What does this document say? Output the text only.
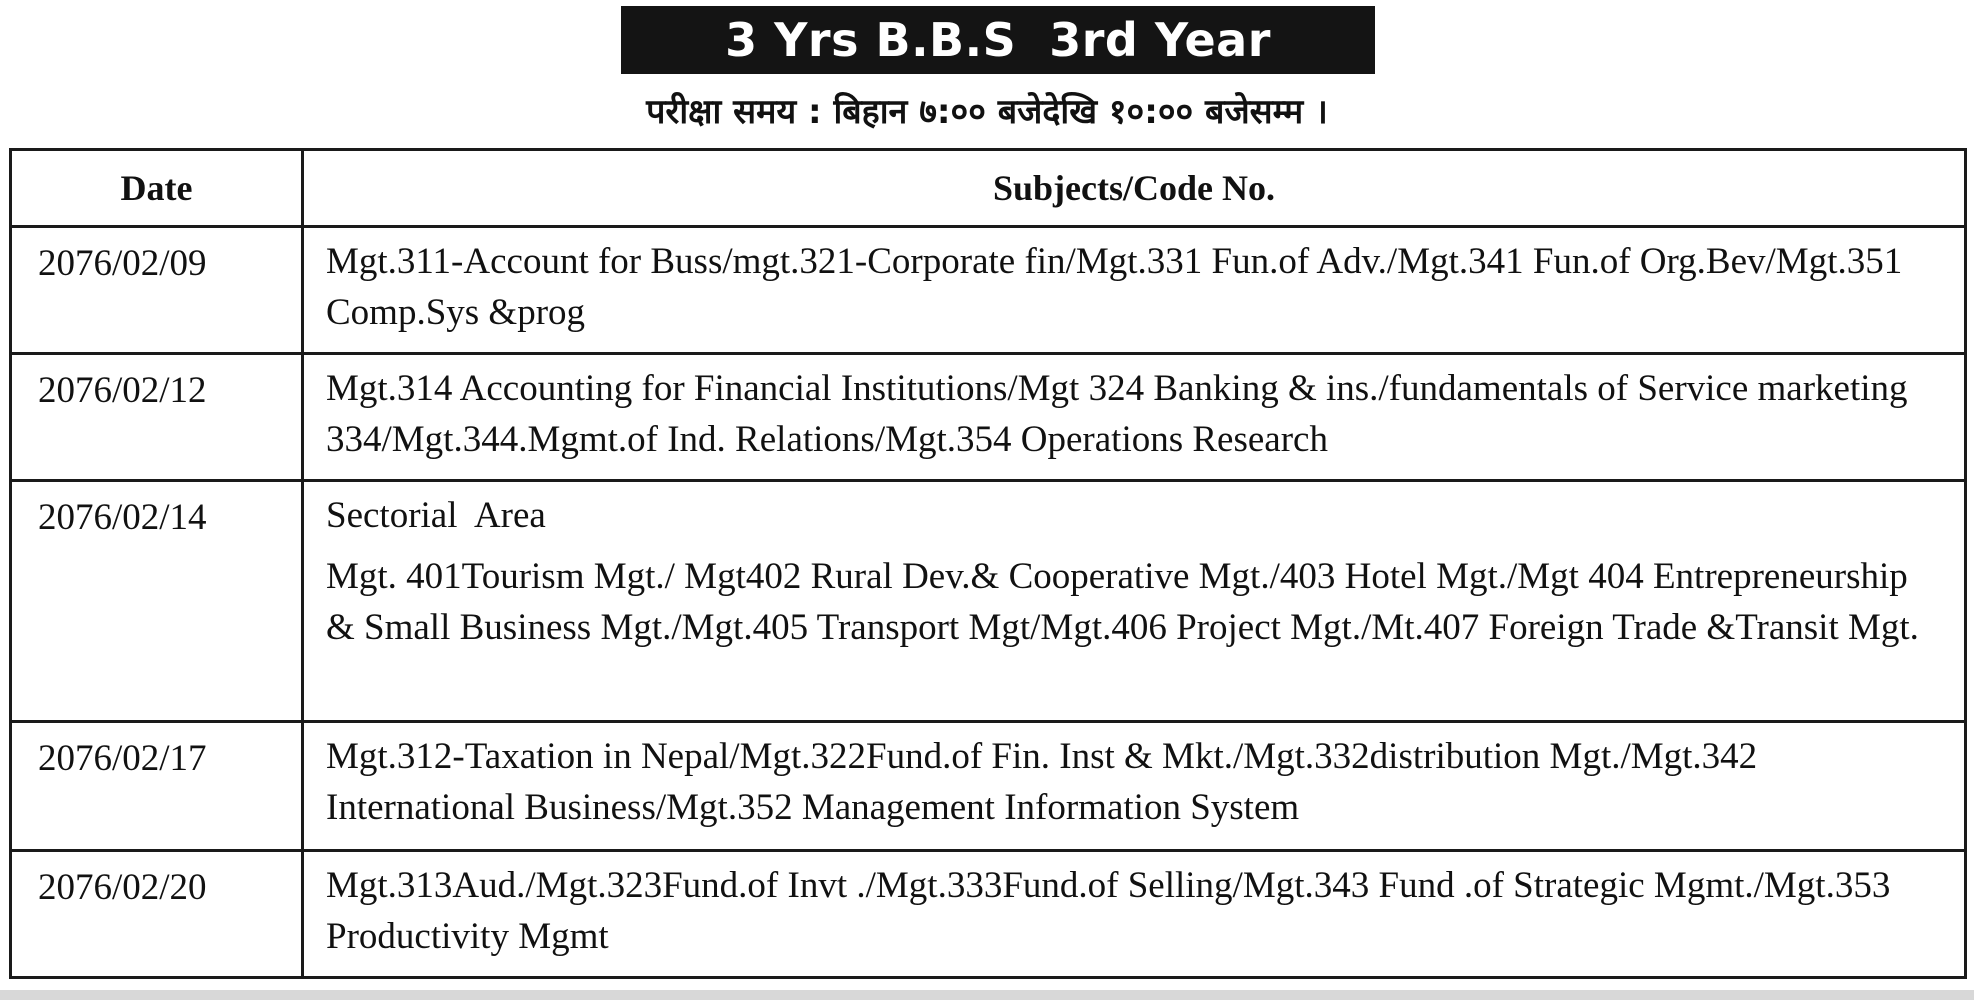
3 Yrs B.B.S  3rd Year
परीक्षा समय : बिहान ७:०० बजेदेखि १०:०० बजेसम्म ।
Date	Subjects/Code No.
2076/02/09	Mgt.311-Account for Buss/mgt.321-Corporate fin/Mgt.331 Fun.of Adv./Mgt.341 Fun.of Org.Bev/Mgt.351 Comp.Sys &prog
2076/02/12	Mgt.314 Accounting for Financial Institutions/Mgt 324 Banking & ins./fundamentals of Service marketing 334/Mgt.344.Mgmt.of Ind. Relations/Mgt.354 Operations Research
2076/02/14	Sectorial  Area
Mgt. 401Tourism Mgt./ Mgt402 Rural Dev.& Cooperative Mgt./403 Hotel Mgt./Mgt 404 Entrepreneurship & Small Business Mgt./Mgt.405 Transport Mgt/Mgt.406 Project Mgt./Mt.407 Foreign Trade &Transit Mgt.
2076/02/17	Mgt.312-Taxation in Nepal/Mgt.322Fund.of Fin. Inst & Mkt./Mgt.332distribution Mgt./Mgt.342 International Business/Mgt.352 Management Information System
2076/02/20	Mgt.313Aud./Mgt.323Fund.of Invt ./Mgt.333Fund.of Selling/Mgt.343 Fund .of Strategic Mgmt./Mgt.353 Productivity Mgmt
